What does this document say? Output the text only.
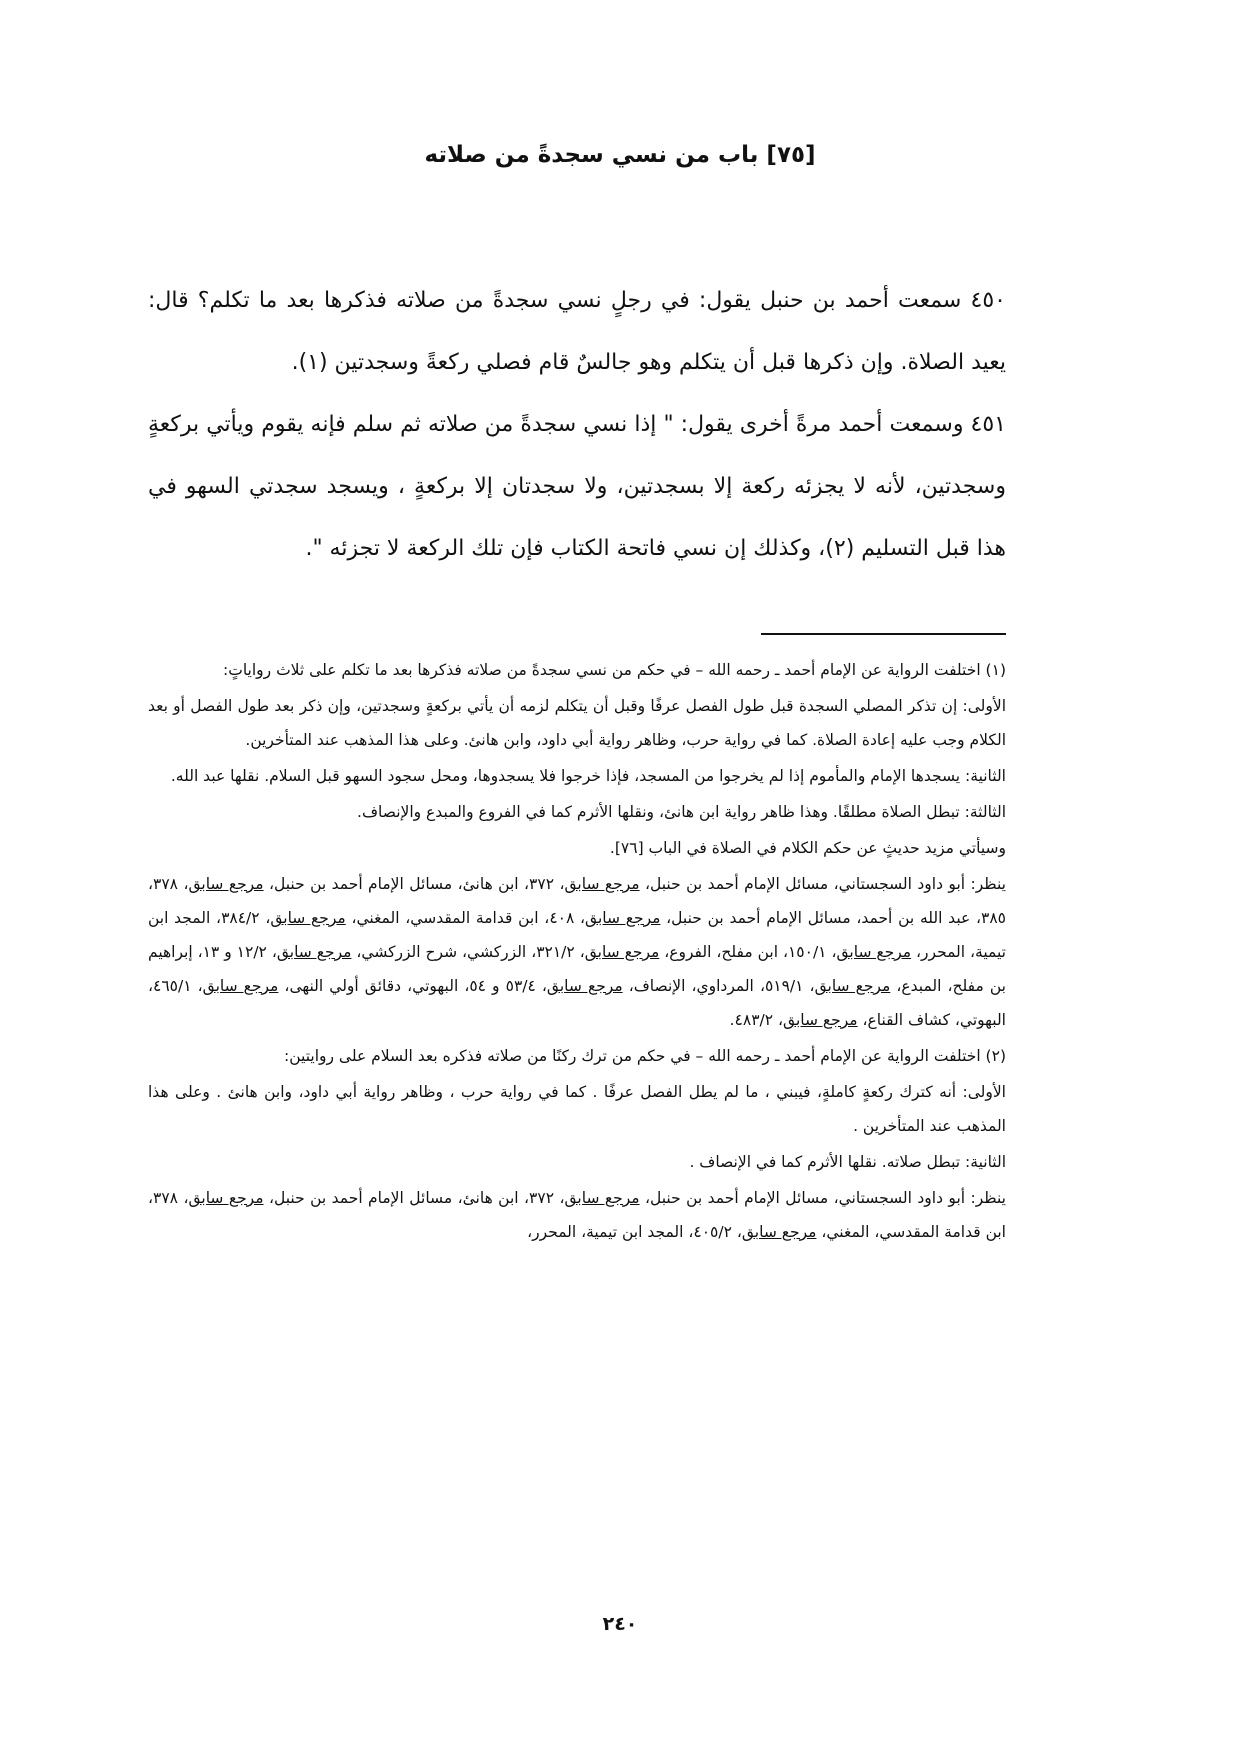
[٧٥] باب من نسي سجدةً من صلاته

٤٥٠ سمعت أحمد بن حنبل يقول: في رجلٍ نسي سجدةً من صلاته فذكرها بعد ما تكلم؟ قال: يعيد الصلاة. وإن ذكرها قبل أن يتكلم وهو جالسٌ قام فصلي ركعةً وسجدتين (١).

٤٥١ وسمعت أحمد مرةً أخرى يقول: " إذا نسي سجدةً من صلاته ثم سلم فإنه يقوم ويأتي بركعةٍ وسجدتين، لأنه لا يجزئه ركعة إلا بسجدتين، ولا سجدتان إلا بركعةٍ ، ويسجد سجدتي السهو في هذا قبل التسليم (٢)، وكذلك إن نسي فاتحة الكتاب فإن تلك الركعة لا تجزئه ".

(١) اختلفت الرواية عن الإمام أحمد ـ رحمه الله – في حكم من نسي سجدةً من صلاته فذكرها بعد ما تكلم على ثلاث رواياتٍ:

الأولى: إن تذكر المصلي السجدة قبل طول الفصل عرفًا وقبل أن يتكلم لزمه أن يأتي بركعةٍ وسجدتين، وإن ذكر بعد طول الفصل أو بعد الكلام وجب عليه إعادة الصلاة. كما في رواية حرب، وظاهر رواية أبي داود، وابن هانئ. وعلى هذا المذهب عند المتأخرين.

الثانية: يسجدها الإمام والمأموم إذا لم يخرجوا من المسجد، فإذا خرجوا فلا يسجدوها، ومحل سجود السهو قبل السلام. نقلها عبد الله.

الثالثة: تبطل الصلاة مطلقًا. وهذا ظاهر رواية ابن هانئ، ونقلها الأثرم كما في الفروع والمبدع والإنصاف.

وسيأتي مزيد حديثٍ عن حكم الكلام في الصلاة في الباب [٧٦].

ينظر: أبو داود السجستاني، مسائل الإمام أحمد بن حنبل، مرجع سابق، ٣٧٢، ابن هانئ، مسائل الإمام أحمد بن حنبل، مرجع سابق، ٣٧٨، ٣٨٥، عبد الله بن أحمد، مسائل الإمام أحمد بن حنبل، مرجع سابق، ٤٠٨، ابن قدامة المقدسي، المغني، مرجع سابق، ٣٨٤/٢، المجد ابن تيمية، المحرر، مرجع سابق، ١٥٠/١، ابن مفلح، الفروع، مرجع سابق، ٣٢١/٢، الزركشي، شرح الزركشي، مرجع سابق، ١٢/٢ و ١٣، إبراهيم بن مفلح، المبدع، مرجع سابق، ٥١٩/١، المرداوي، الإنصاف، مرجع سابق، ٥٣/٤ و ٥٤، البهوتي، دقائق أولي النهى، مرجع سابق، ٤٦٥/١، البهوتي، كشاف القناع، مرجع سابق، ٤٨٣/٢.

(٢) اختلفت الرواية عن الإمام أحمد ـ رحمه الله – في حكم من ترك ركنًا من صلاته فذكره بعد السلام على روايتين:

الأولى: أنه كترك ركعةٍ كاملةٍ، فيبني ، ما لم يطل الفصل عرفًا . كما في رواية حرب ، وظاهر رواية أبي داود، وابن هانئ . وعلى هذا المذهب عند المتأخرين .

الثانية: تبطل صلاته. نقلها الأثرم كما في الإنصاف .

ينظر: أبو داود السجستاني، مسائل الإمام أحمد بن حنبل، مرجع سابق، ٣٧٢، ابن هانئ، مسائل الإمام أحمد بن حنبل، مرجع سابق، ٣٧٨، ابن قدامة المقدسي، المغني، مرجع سابق، ٤٠٥/٢، المجد ابن تيمية، المحرر،

٢٤٠
